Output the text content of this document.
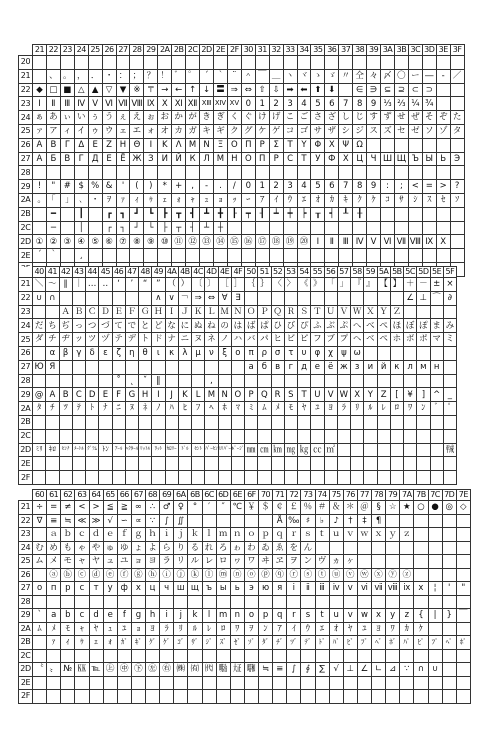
	21	22	23	24	25	26	27	28	29	2A	2B	2C	2D	2E	2F	30	31	32	33	34	35	36	37	38	39	3A	3B	3C	3D	3E	3F
20																															
21		、	。	，	．	・	：	；	？	！	゛	゜	´	｀	¨	＾	￣	＿	ヽ	ヾ	ゝ	ゞ	〃	仝	々	〆	〇	ー	―	‐	／
22	◆	□	■	△	▲	▽	▼	※	〒	→	←	↑	↓	〓	⇒	⇔	⇧	⇩	➡	⬅	⬆	⬇		∈	∋	⊆	⊇	⊂	⊃		
23	Ⅰ	Ⅱ	Ⅲ	Ⅳ	Ⅴ	Ⅵ	Ⅶ	Ⅷ	Ⅸ	Ⅹ	Ⅺ	Ⅻ	ⅩⅢ	ⅩⅣ	ⅩⅤ	0	1	2	3	4	5	6	7	8	9	⅓	⅔	¼	¾		
24	ぁ	あ	ぃ	い	ぅ	う	ぇ	え	ぉ	お	か	が	き	ぎ	く	ぐ	け	げ	こ	ご	さ	ざ	し	じ	す	ず	せ	ぜ	そ	ぞ	た
25	ァ	ア	ィ	イ	ゥ	ウ	ェ	エ	ォ	オ	カ	ガ	キ	ギ	ク	グ	ケ	ゲ	コ	ゴ	サ	ザ	シ	ジ	ス	ズ	セ	ゼ	ソ	ゾ	タ
26	Α	Β	Γ	Δ	Ε	Ζ	Η	Θ	Ι	Κ	Λ	Μ	Ν	Ξ	Ο	Π	Ρ	Σ	Τ	Υ	Φ	Χ	Ψ	Ω							
27	А	Б	В	Г	Д	Е	Ё	Ж	З	И	Й	К	Л	М	Н	О	П	Р	С	Т	У	Ф	Х	Ц	Ч	Ш	Щ	Ъ	Ы	Ь	Э
28																															
29	!	"	#	$	%	&	'	(	)	*	+	,	-	.	/	0	1	2	3	4	5	6	7	8	9	:	;	<	=	>	?
2A	｡	｢	｣	､	･	ｦ	ｧ	ｨ	ｩ	ｪ	ｫ	ｬ	ｭ	ｮ	ｯ	ｰ	ｱ	ｲ	ｳ	ｴ	ｵ	ｶ	ｷ	ｸ	ｹ	ｺ	ｻ	ｼ	ｽ	ｾ	ｿ
2B		━		┃		┏	┓	┛	┗	┣	┳	┫	┻	╋	┠	┯	┨	┷	┿	┝	┰	┥	┸	╂							
2C		─		│		┌	┐	┘	└	├	┬	┤	┴	┼																	
2D	①	②	③	④	⑤	⑥	⑦	⑧	⑨	⑩	⑪	⑫	⑬	⑭	⑮	⑯	⑰	⑱	⑲	⑳	Ⅰ	Ⅱ	Ⅲ	Ⅳ	Ⅴ	Ⅵ	Ⅶ	Ⅷ	Ⅸ	Ⅹ	
2E	´	｀		¸																											

	40	41	42	43	44	45	46	47	48	49	4A	4B	4C	4D	4E	4F	50	51	52	53	54	55	56	57	58	59	5A	5B	5C	5D	5E	5F
21	＼	～	∥	｜	…	‥	‘	’	“	”	（	）	〔	〕	［	］	｛	｝	〈	〉	《	》	「	」	『	』	【	】	＋	－	±	×
22	∪	∩								∧	∨	￢	⇒	⇔	∀	∃													∠	⊥	⌒	∂
23			Ａ	Ｂ	Ｃ	Ｄ	Ｅ	Ｆ	Ｇ	Ｈ	Ｉ	Ｊ	Ｋ	Ｌ	Ｍ	Ｎ	Ｏ	Ｐ	Ｑ	Ｒ	Ｓ	Ｔ	Ｕ	Ｖ	Ｗ	Ｘ	Ｙ	Ｚ				
24	だ	ち	ぢ	っ	つ	づ	て	で	と	ど	な	に	ぬ	ね	の	は	ば	ぱ	ひ	び	ぴ	ふ	ぶ	ぷ	へ	べ	ぺ	ほ	ぼ	ぽ	ま	み
25	ダ	チ	ヂ	ッ	ツ	ヅ	テ	デ	ト	ド	ナ	ニ	ヌ	ネ	ノ	ハ	バ	パ	ヒ	ビ	ピ	フ	ブ	プ	ヘ	ベ	ペ	ホ	ボ	ポ	マ	ミ
26		α	β	γ	δ	ε	ζ	η	θ	ι	κ	λ	μ	ν	ξ	ο	π	ρ	σ	τ	υ	φ	χ	ψ	ω							
27	Ю	Я															а	б	в	г	д	е	ё	ж	з	и	й	к	л	м	н	
28							˚	˛	ˇ	‖				‚																		
29	@	A	B	C	D	E	F	G	H	I	J	K	L	M	N	O	P	Q	R	S	T	U	V	W	X	Y	Z	[	¥	]	^	_
2A	ﾀ	ﾁ	ﾂ	ﾃ	ﾄ	ﾅ	ﾆ	ﾇ	ﾈ	ﾉ	ﾊ	ﾋ	ﾌ	ﾍ	ﾎ	ﾏ	ﾐ	ﾑ	ﾒ	ﾓ	ﾔ	ﾕ	ﾖ	ﾗ	ﾘ	ﾙ	ﾚ	ﾛ	ﾜ	ﾝ	ﾞ	ﾟ
2B																																
2C																																
2D	ﾐﾘ	ｷﾛ	ｾﾝﾁ	ﾒｰﾄﾙ	ｸﾞﾗﾑ	ﾄﾝ	ｱｰﾙ	ﾍｸﾀｰﾙ	ﾘｯﾄﾙ	ﾜｯﾄ	ｶﾛﾘｰ	ﾄﾞﾙ	ｾﾝﾄ	ﾊﾟｰｾﾝﾄ	ﾐﾘﾊﾞｰﾙ	ﾍﾟｰｼﾞ	㎜	㎝	㎞	㎎	㎏	㏄	㎡									㍻
2E																																
2F																																
	60	61	62	63	64	65	66	67	68	69	6A	6B	6C	6D	6E	6F	70	71	72	73	74	75	76	77	78	79	7A	7B	7C	7D	7E
21	÷	=	≠	<	>	≦	≧	∞	∴	♂	♀	°	′	″	℃	￥	＄	￠	￡	％	＃	＆	＊	＠	§	☆	★	○	●	◎	◇
22	∇	≡	≒	≪	≫	√	∽	∝	∵	∫	∬							Å	‰	♯	♭	♪	†	‡	¶						
23		ａ	ｂ	ｃ	ｄ	ｅ	ｆ	ｇ	ｈ	ｉ	ｊ	ｋ	ｌ	ｍ	ｎ	ｏ	ｐ	ｑ	ｒ	ｓ	ｔ	ｕ	ｖ	ｗ	ｘ	ｙ	ｚ				
24	む	め	も	ゃ	や	ゅ	ゆ	ょ	よ	ら	り	る	れ	ろ	ゎ	わ	ゐ	ゑ	を	ん											
25	ム	メ	モ	ャ	ヤ	ュ	ユ	ョ	ヨ	ラ	リ	ル	レ	ロ	ヮ	ワ	ヰ	ヱ	ヲ	ン	ヴ	ヵ	ヶ								
26		ⓐ	ⓑ	ⓒ	ⓓ	ⓔ	ⓕ	ⓖ	ⓗ	ⓘ	ⓙ	ⓚ	ⓛ	ⓜ	ⓝ	ⓞ	ⓟ	ⓠ	ⓡ	ⓢ	ⓣ	ⓤ	ⓥ	ⓦ	ⓧ	ⓨ	ⓩ				
27	о	п	р	с	т	у	ф	х	ц	ч	ш	щ	ъ	ы	ь	э	ю	я	ⅰ	ⅱ	ⅲ	ⅳ	ⅴ	ⅵ	ⅶ	ⅷ	ⅸ	ⅹ	¦	'	"
28																															
29	`	a	b	c	d	e	f	g	h	i	j	k	l	m	n	o	p	q	r	s	t	u	v	w	x	y	z	{	|	}	￣
2A	ﾑ	ﾒ	ﾓ	ｬ	ﾔ	ｭ	ﾕ	ｮ	ﾖ	ﾗ	ﾘ	ﾙ	ﾚ	ﾛ	ﾜ	ｦ	ﾝ	ｱ	ｲ	ｳ	ｴ	ｵ	ﾔ	ﾕ	ﾖ	ﾜ	ｶ	ｹ			
2B		ｧ	ｨ	ｩ	ｪ	ｫ	ｶﾞ	ｷﾞ	ｸﾞ	ｹﾞ	ｺﾞ	ｻﾞ	ｼﾞ	ｽﾞ	ｾﾞ	ｿﾞ	ﾀﾞ	ﾁﾞ	ﾂﾞ	ﾃﾞ	ﾄﾞ	ﾊﾞ	ﾋﾞ	ﾌﾞ	ﾍﾞ	ﾎﾞ	ﾊﾟ	ﾋﾟ	ﾌﾟ	ﾍﾟ	ﾎﾟ
2C																															
2D	〝	〟	№	㏍	℡	㊤	㊥	㊦	㊧	㊨	㈱	㈲	㈹	㍾	㍽	㍼	≒	≡	∫	∮	∑	√	⊥	∠	∟	⊿	∵	∩	∪		
2E																															
2F																															
